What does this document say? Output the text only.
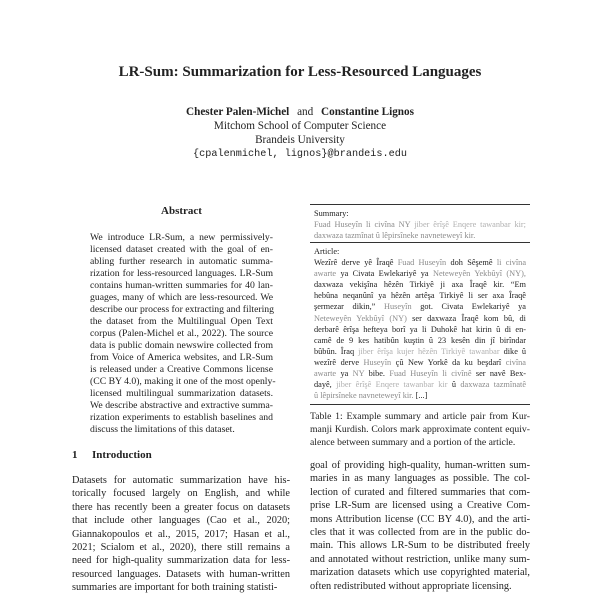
LR-Sum: Summarization for Less-Resourced Languages
Chester Palen-Michel and Constantine Lignos
Mitchom School of Computer Science
Brandeis University
{cpalenmichel, lignos}@brandeis.edu
Abstract
We introduce LR-Sum, a new permissively-
licensed dataset created with the goal of en-
abling further research in automatic summa-
rization for less-resourced languages. LR-Sum
contains human-written summaries for 40 lan-
guages, many of which are less-resourced. We
describe our process for extracting and filtering
the dataset from the Multilingual Open Text
corpus (Palen-Michel et al., 2022). The source
data is public domain newswire collected from
from Voice of America websites, and LR-Sum
is released under a Creative Commons license
(CC BY 4.0), making it one of the most openly-
licensed multilingual summarization datasets.
We describe abstractive and extractive summa-
rization experiments to establish baselines and
discuss the limitations of this dataset.
1 Introduction
Datasets for automatic summarization have his-
torically focused largely on English, and while
there has recently been a greater focus on datasets
that include other languages (Cao et al., 2020;
Giannakopoulos et al., 2015, 2017; Hasan et al.,
2021; Scialom et al., 2020), there still remains a
need for high-quality summarization data for less-
resourced languages. Datasets with human-written
summaries are important for both training statisti-
Summary:
Fuad Huseyîn li civîna NY jiber êrîşê Enqere tawanbar kir;
daxwaza tazmînat û lêpirsîneke navneteweyî kir.
Article:
Wezîrê derve yê Îraqê Fuad Huseyîn doh Sêşemê li civîna
awarte ya Civata Ewlekariyê ya Neteweyên Yekbûyî (NY),
daxwaza vekişîna hêzên Tirkiyê ji axa Îraqê kir. “Em
hebûna neqanûnî ya hêzên artêşa Tirkiyê li ser axa Îraqê
şermezar dikin,” Huseyîn got. Civata Ewlekariyê ya
Neteweyên Yekbûyî (NY) ser daxwaza Îraqê kom bû, di
derbarê êrîşa hefteya borî ya li Duhokê hat kirin û di en-
camê de 9 kes hatibûn kuştin û 23 kesên din jî birîndar
bûbûn. Îraq jiber êrîşa kujer hêzên Tirkiyê tawanbar dike û
wezîrê derve Huseyîn çû New Yorkê da ku beşdarî civîna
awarte ya NY bibe. Fuad Huseyîn li civînê ser navê Bex-
dayê, jiber êrîşê Enqere tawanbar kir û daxwaza tazmînatê
û lêpirsîneke navneteweyî kir. [...]
Table 1: Example summary and article pair from Kur-
manji Kurdish. Colors mark approximate content equiv-
alence between summary and a portion of the article.
goal of providing high-quality, human-written sum-
maries in as many languages as possible. The col-
lection of curated and filtered summaries that com-
prise LR-Sum are licensed using a Creative Com-
mons Attribution license (CC BY 4.0), and the arti-
cles that it was collected from are in the public do-
main. This allows LR-Sum to be distributed freely
and annotated without restriction, unlike many sum-
marization datasets which use copyrighted material,
often redistributed without appropriate licensing.
